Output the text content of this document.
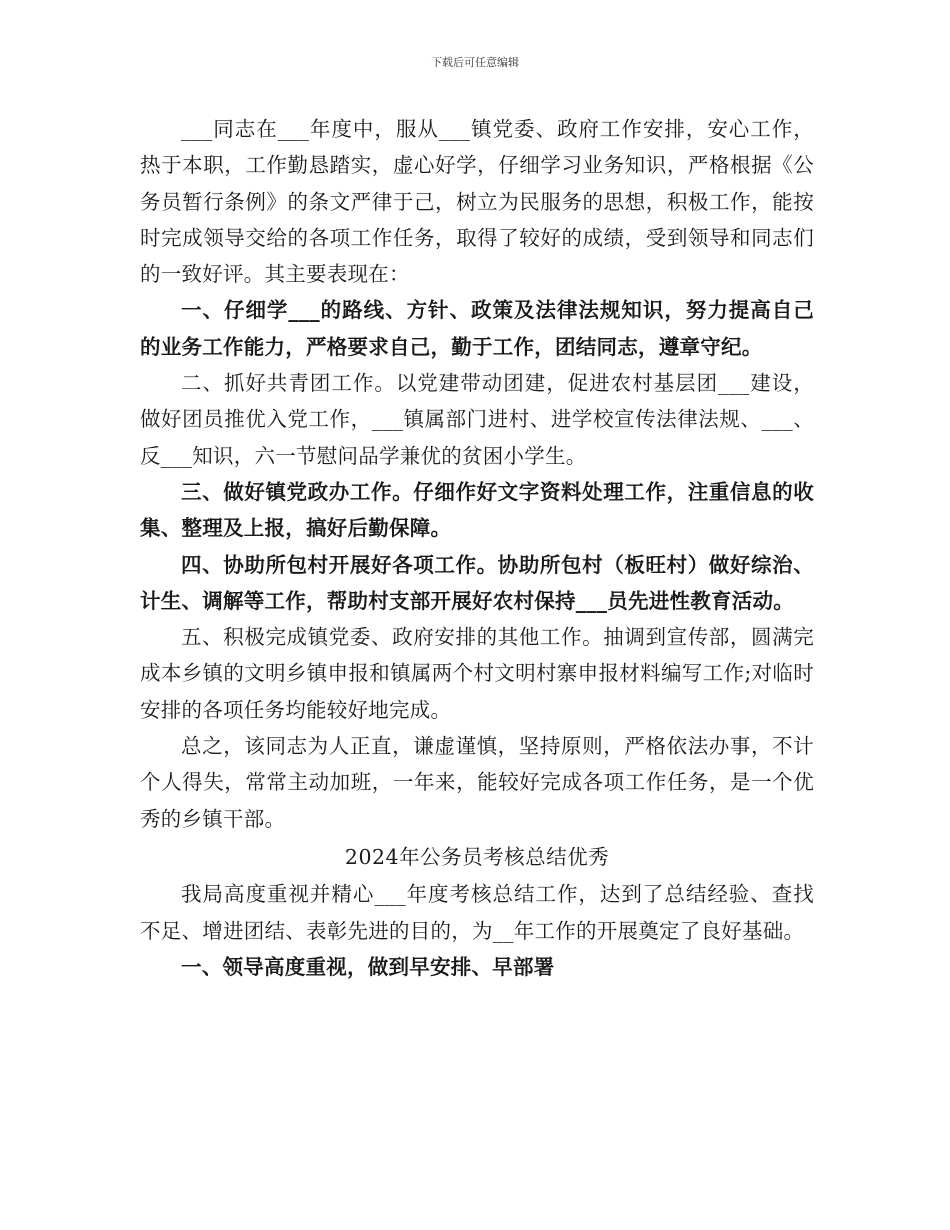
下载后可任意编辑

___同志在___年度中，服从___镇党委、政府工作安排，安心工作，热于本职，工作勤恳踏实，虚心好学，仔细学习业务知识，严格根据《公务员暂行条例》的条文严律于己，树立为民服务的思想，积极工作，能按时完成领导交给的各项工作任务，取得了较好的成绩，受到领导和同志们的一致好评。其主要表现在：

一、仔细学___的路线、方针、政策及法律法规知识，努力提高自己的业务工作能力，严格要求自己，勤于工作，团结同志，遵章守纪。

二、抓好共青团工作。以党建带动团建，促进农村基层团___建设，做好团员推优入党工作，___镇属部门进村、进学校宣传法律法规、___、反___知识，六一节慰问品学兼优的贫困小学生。

三、做好镇党政办工作。仔细作好文字资料处理工作，注重信息的收集、整理及上报，搞好后勤保障。

四、协助所包村开展好各项工作。协助所包村（板旺村）做好综治、计生、调解等工作，帮助村支部开展好农村保持___员先进性教育活动。

五、积极完成镇党委、政府安排的其他工作。抽调到宣传部，圆满完成本乡镇的文明乡镇申报和镇属两个村文明村寨申报材料编写工作;对临时安排的各项任务均能较好地完成。

总之，该同志为人正直，谦虚谨慎，坚持原则，严格依法办事，不计个人得失，常常主动加班，一年来，能较好完成各项工作任务，是一个优秀的乡镇干部。

2024年公务员考核总结优秀

我局高度重视并精心___年度考核总结工作，达到了总结经验、查找不足、增进团结、表彰先进的目的，为__年工作的开展奠定了良好基础。

一、领导高度重视，做到早安排、早部署
